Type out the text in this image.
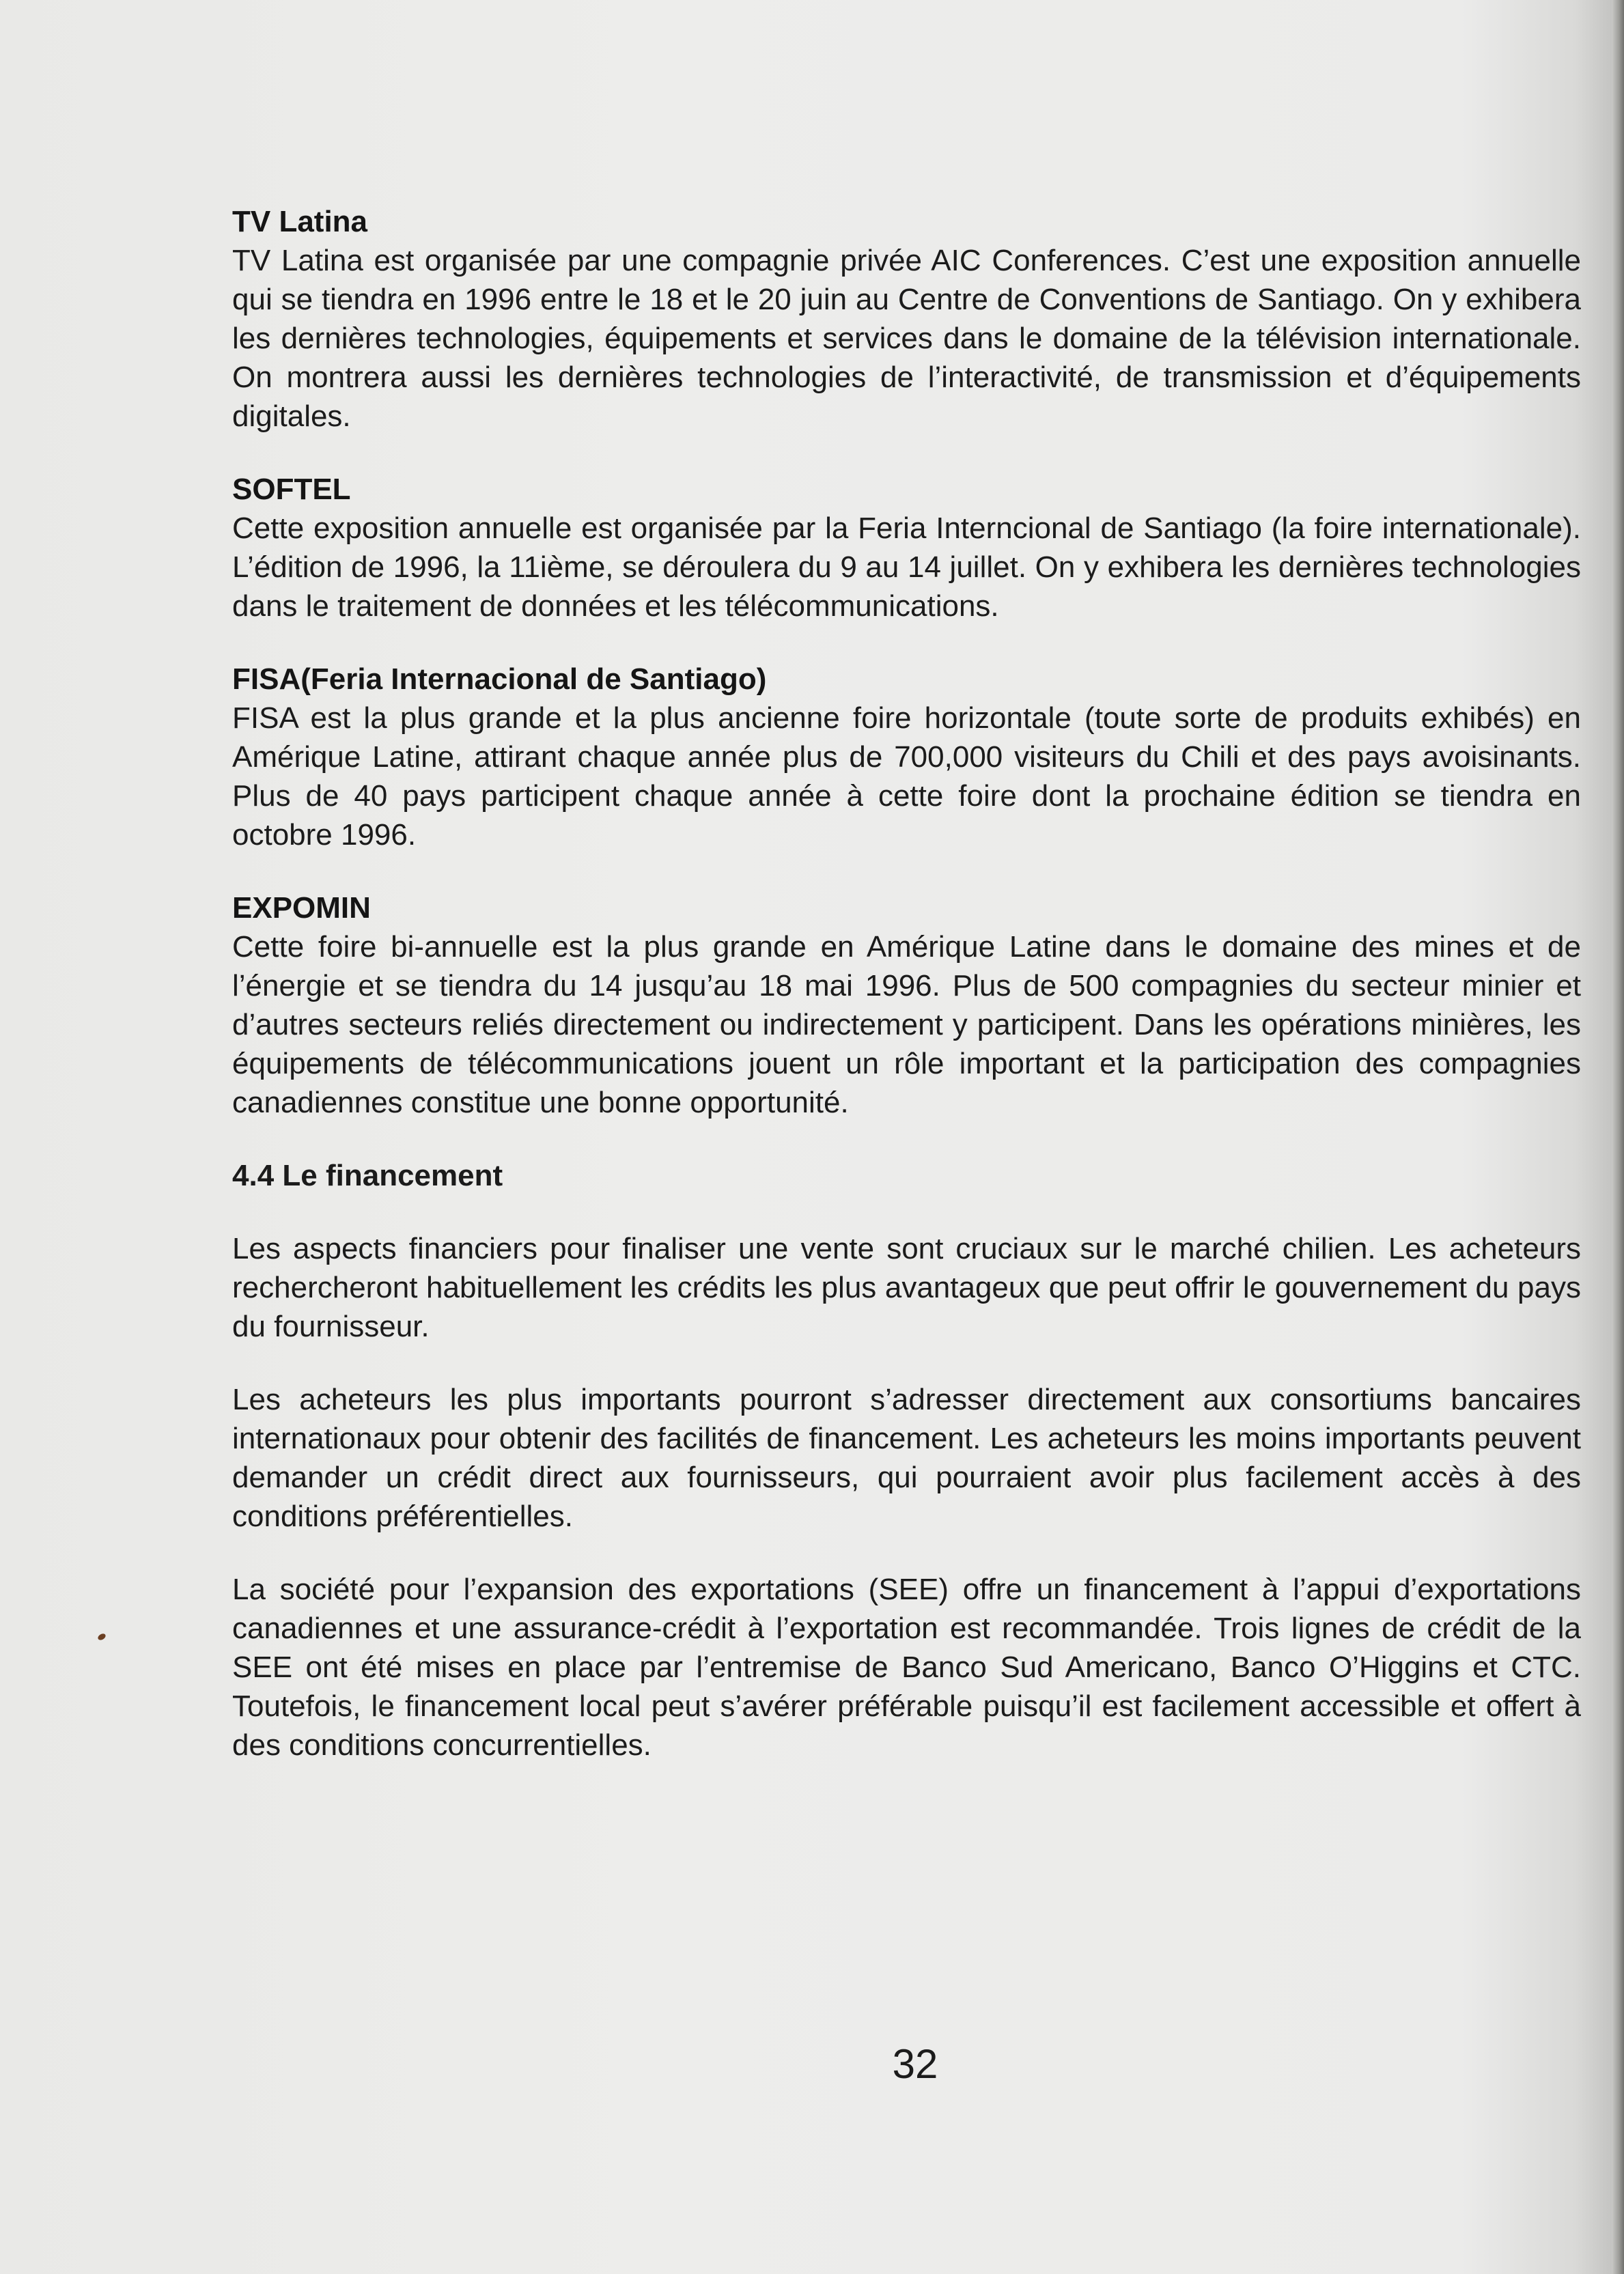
TV Latina

TV Latina est organisée par une compagnie privée AIC Conferences. C’est une exposition annuelle qui se tiendra en 1996 entre le 18 et le 20 juin au Centre de Conventions de Santiago. On y exhibera les dernières technologies, équipements et services dans le domaine de la télévision internationale. On montrera aussi les dernières technologies de l’interactivité, de transmission et d’équipements digitales.

SOFTEL

Cette exposition annuelle est organisée par la Feria Interncional de Santiago (la foire internationale). L’édition de 1996, la 11ième, se déroulera du 9 au 14 juillet. On y exhibera les dernières technologies dans le traitement de données et les télécommunications.

FISA(Feria Internacional de Santiago)

FISA est la plus grande et la plus ancienne foire horizontale (toute sorte de produits exhibés) en Amérique Latine, attirant chaque année plus de 700,000 visiteurs du Chili et des pays avoisinants. Plus de 40 pays participent chaque année à cette foire dont la prochaine édition se tiendra en octobre 1996.

EXPOMIN

Cette foire bi-annuelle est la plus grande en Amérique Latine dans le domaine des mines et de l’énergie et se tiendra du 14 jusqu’au 18 mai 1996. Plus de 500 compagnies du secteur minier et d’autres secteurs reliés directement ou indirectement y participent. Dans les opérations minières, les équipements de télécommunications jouent un rôle important et la participation des compagnies canadiennes constitue une bonne opportunité.

4.4 Le financement

Les aspects financiers pour finaliser une vente sont cruciaux sur le marché chilien. Les acheteurs rechercheront habituellement les crédits les plus avantageux que peut offrir le gouvernement du pays du fournisseur.

Les acheteurs les plus importants pourront s’adresser directement aux consortiums bancaires internationaux pour obtenir des facilités de financement. Les acheteurs les moins importants peuvent demander un crédit direct aux fournisseurs, qui pourraient avoir plus facilement accès à des conditions préférentielles.

La société pour l’expansion des exportations (SEE) offre un financement à l’appui d’exportations canadiennes et une assurance-crédit à l’exportation est recommandée. Trois lignes de crédit de la SEE ont été mises en place par l’entremise de Banco Sud Americano, Banco O’Higgins et CTC. Toutefois, le financement local peut s’avérer préférable puisqu’il est facilement accessible et offert à des conditions concurrentielles.

32
